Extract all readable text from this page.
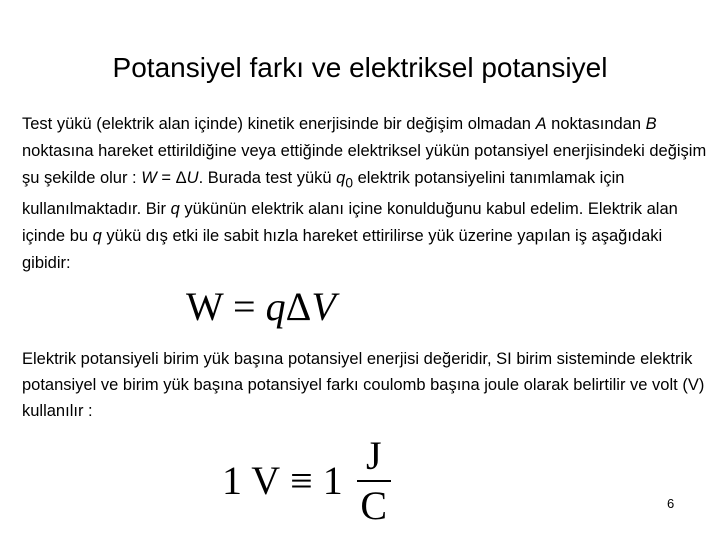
Potansiyel farkı ve elektriksel potansiyel
Test yükü (elektrik alan içinde) kinetik enerjisinde bir değişim olmadan A noktasından B noktasına hareket ettirildiğine veya ettiğinde elektriksel yükün potansiyel enerjisindeki değişim şu şekilde olur : W = ΔU. Burada test yükü $q_0$ elektrik potansiyelini tanımlamak için kullanılmaktadır. Bir q yükünün elektrik alanı içine konulduğunu kabul edelim. Elektrik alan içinde bu q yükü dış etki ile sabit hızla hareket ettirilirse yük üzerine yapılan iş aşağıdaki gibidir:
W = qΔV
Elektrik potansiyeli birim yük başına potansiyel enerjisi değeridir, SI birim sisteminde elektrik potansiyel ve birim yük başına potansiyel farkı coulomb başına joule olarak belirtilir ve volt (V) kullanılır :
1 $V \equiv 1 \frac{J}{C}$	6
